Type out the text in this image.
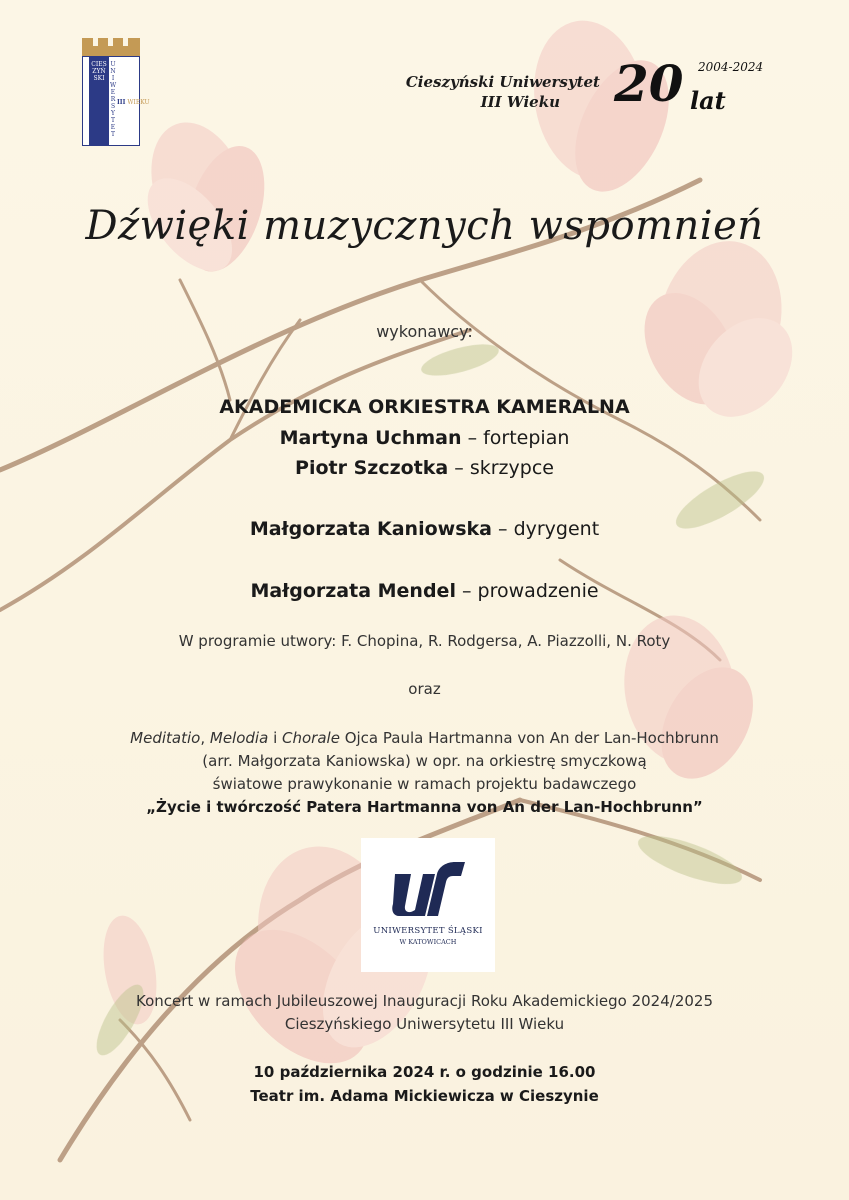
CIESZYŃSKI
UNIWERSYTET
III WIEKU
Cieszyński Uniwersytet
III Wieku	20 2004-2024
lat
Dźwięki muzycznych wspomnień
wykonawcy:
AKADEMICKA ORKIESTRA KAMERALNA
Martyna Uchman – fortepian
Piotr Szczotka – skrzypce
Małgorzata Kaniowska – dyrygent
Małgorzata Mendel – prowadzenie
W programie utwory: F. Chopina, R. Rodgersa, A. Piazzolli, N. Roty
oraz
Meditatio, Melodia i Chorale Ojca Paula Hartmanna von An der Lan-Hochbrunn
(arr. Małgorzata Kaniowska) w opr. na orkiestrę smyczkową
światowe prawykonanie w ramach projektu badawczego
„Życie i twórczość Patera Hartmanna von An der Lan-Hochbrunn”
UNIWERSYTET ŚLĄSKI
W KATOWICACH
Koncert w ramach Jubileuszowej Inauguracji Roku Akademickiego 2024/2025
Cieszyńskiego Uniwersytetu III Wieku
10 października 2024 r. o godzinie 16.00
Teatr im. Adama Mickiewicza w Cieszynie
